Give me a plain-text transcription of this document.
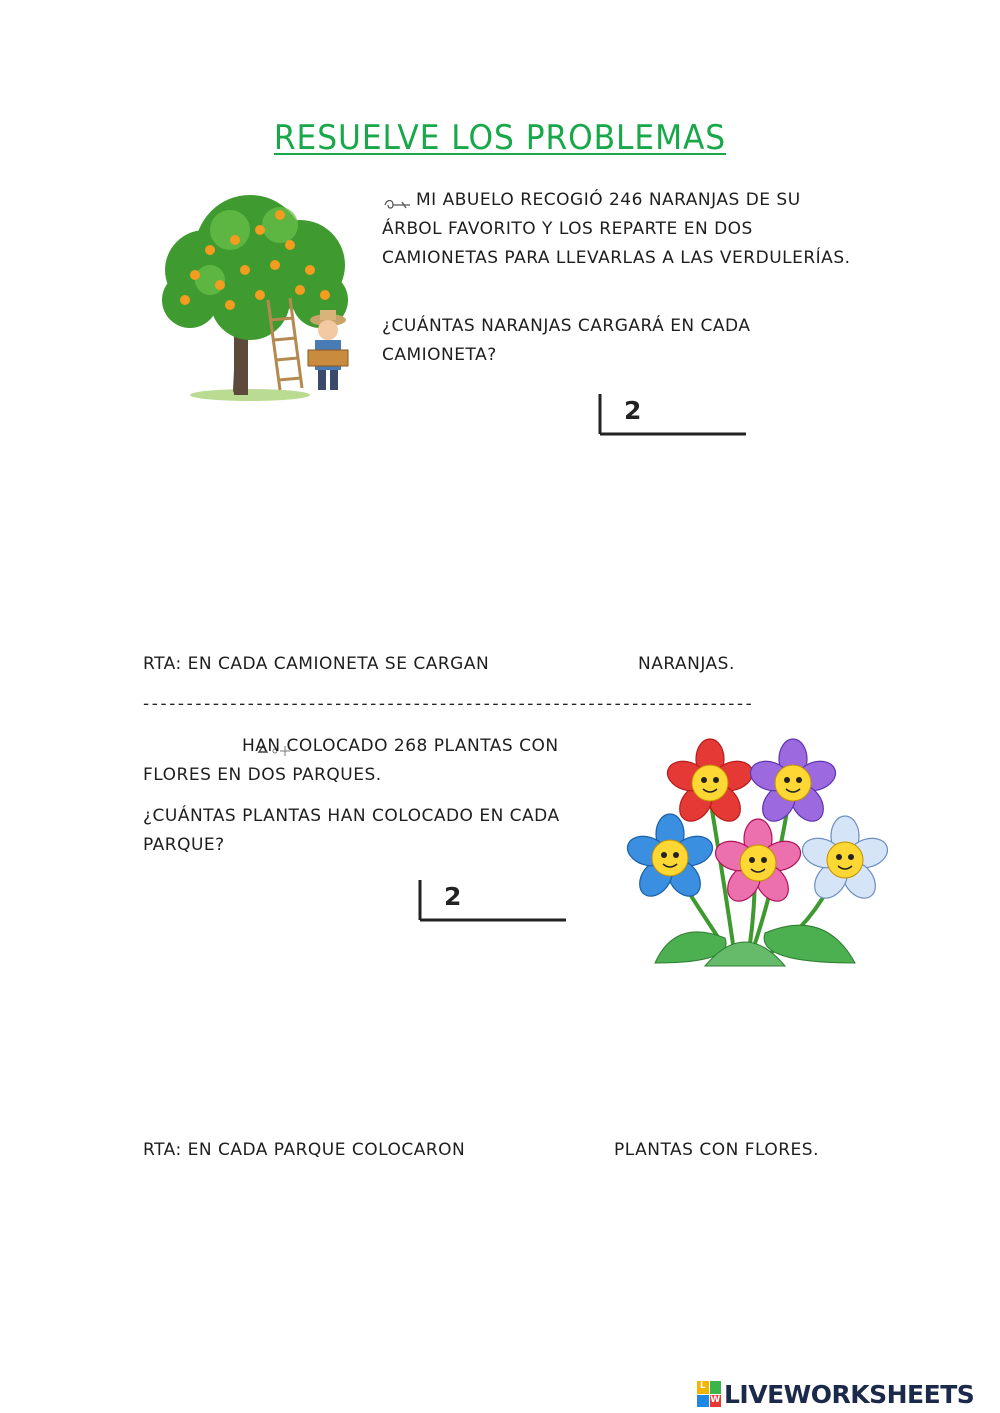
RESUELVE LOS PROBLEMAS
MI ABUELO RECOGIÓ 246 NARANJAS DE SU ÁRBOL FAVORITO Y LOS REPARTE EN DOS CAMIONETAS PARA LLEVARLAS A LAS VERDULERÍAS.
¿CUÁNTAS NARANJAS CARGARÁ EN CADA CAMIONETA?
2
RTA: EN CADA CAMIONETA SE CARGAN	NARANJAS.
----------------------------------------------------------------------
HAN COLOCADO 268 PLANTAS CON FLORES EN DOS PARQUES.
¿CUÁNTAS PLANTAS HAN COLOCADO EN CADA PARQUE?
2
RTA: EN CADA PARQUE COLOCARON	PLANTAS CON FLORES.
L
W LIVEWORKSHEETS
